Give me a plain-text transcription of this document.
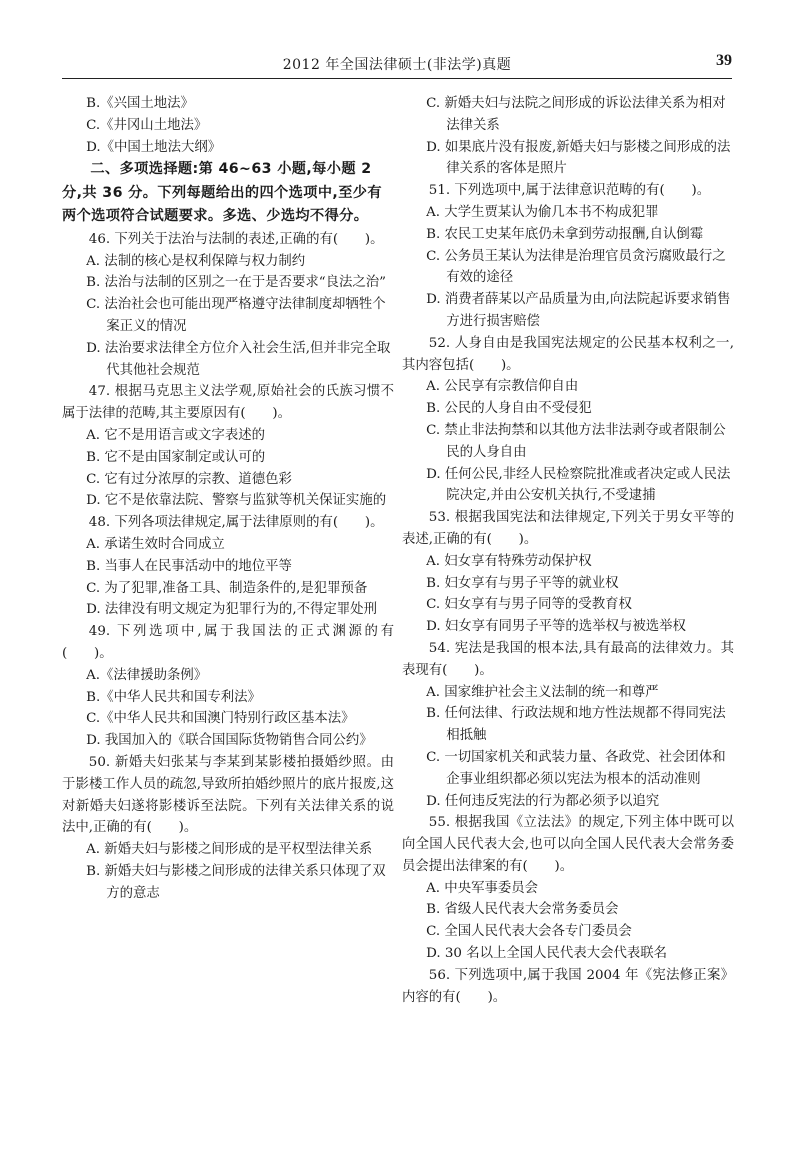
2012 年全国法律硕士(非法学)真题	39

B.《兴国土地法》

C.《井冈山土地法》

D.《中国土地法大纲》

二、多项选择题:第 46~63 小题,每小题 2 分,共 36 分。下列每题给出的四个选项中,至少有两个选项符合试题要求。多选、少选均不得分。

46. 下列关于法治与法制的表述,正确的有(　　)。

A. 法制的核心是权利保障与权力制约

B. 法治与法制的区别之一在于是否要求“良法之治”

C. 法治社会也可能出现严格遵守法律制度却牺牲个案正义的情况

D. 法治要求法律全方位介入社会生活,但并非完全取代其他社会规范

47. 根据马克思主义法学观,原始社会的氏族习惯不属于法律的范畴,其主要原因有(　　)。

A. 它不是用语言或文字表述的

B. 它不是由国家制定或认可的

C. 它有过分浓厚的宗教、道德色彩

D. 它不是依靠法院、警察与监狱等机关保证实施的

48. 下列各项法律规定,属于法律原则的有(　　)。

A. 承诺生效时合同成立

B. 当事人在民事活动中的地位平等

C. 为了犯罪,准备工具、制造条件的,是犯罪预备

D. 法律没有明文规定为犯罪行为的,不得定罪处刑

49. 下列选项中,属于我国法的正式渊源的有(　　)。

A.《法律援助条例》

B.《中华人民共和国专利法》

C.《中华人民共和国澳门特别行政区基本法》

D. 我国加入的《联合国国际货物销售合同公约》

50. 新婚夫妇张某与李某到某影楼拍摄婚纱照。由于影楼工作人员的疏忽,导致所拍婚纱照片的底片报废,这对新婚夫妇遂将影楼诉至法院。下列有关法律关系的说法中,正确的有(　　)。

A. 新婚夫妇与影楼之间形成的是平权型法律关系

B. 新婚夫妇与影楼之间形成的法律关系只体现了双方的意志

C. 新婚夫妇与法院之间形成的诉讼法律关系为相对法律关系

D. 如果底片没有报废,新婚夫妇与影楼之间形成的法律关系的客体是照片

51. 下列选项中,属于法律意识范畴的有(　　)。

A. 大学生贾某认为偷几本书不构成犯罪

B. 农民工史某年底仍未拿到劳动报酬,自认倒霉

C. 公务员王某认为法律是治理官员贪污腐败最行之有效的途径

D. 消费者薛某以产品质量为由,向法院起诉要求销售方进行损害赔偿

52. 人身自由是我国宪法规定的公民基本权利之一,其内容包括(　　)。

A. 公民享有宗教信仰自由

B. 公民的人身自由不受侵犯

C. 禁止非法拘禁和以其他方法非法剥夺或者限制公民的人身自由

D. 任何公民,非经人民检察院批准或者决定或人民法院决定,并由公安机关执行,不受逮捕

53. 根据我国宪法和法律规定,下列关于男女平等的表述,正确的有(　　)。

A. 妇女享有特殊劳动保护权

B. 妇女享有与男子平等的就业权

C. 妇女享有与男子同等的受教育权

D. 妇女享有同男子平等的选举权与被选举权

54. 宪法是我国的根本法,具有最高的法律效力。其表现有(　　)。

A. 国家维护社会主义法制的统一和尊严

B. 任何法律、行政法规和地方性法规都不得同宪法相抵触

C. 一切国家机关和武装力量、各政党、社会团体和企事业组织都必须以宪法为根本的活动准则

D. 任何违反宪法的行为都必须予以追究

55. 根据我国《立法法》的规定,下列主体中既可以向全国人民代表大会,也可以向全国人民代表大会常务委员会提出法律案的有(　　)。

A. 中央军事委员会

B. 省级人民代表大会常务委员会

C. 全国人民代表大会各专门委员会

D. 30 名以上全国人民代表大会代表联名

56. 下列选项中,属于我国 2004 年《宪法修正案》内容的有(　　)。
